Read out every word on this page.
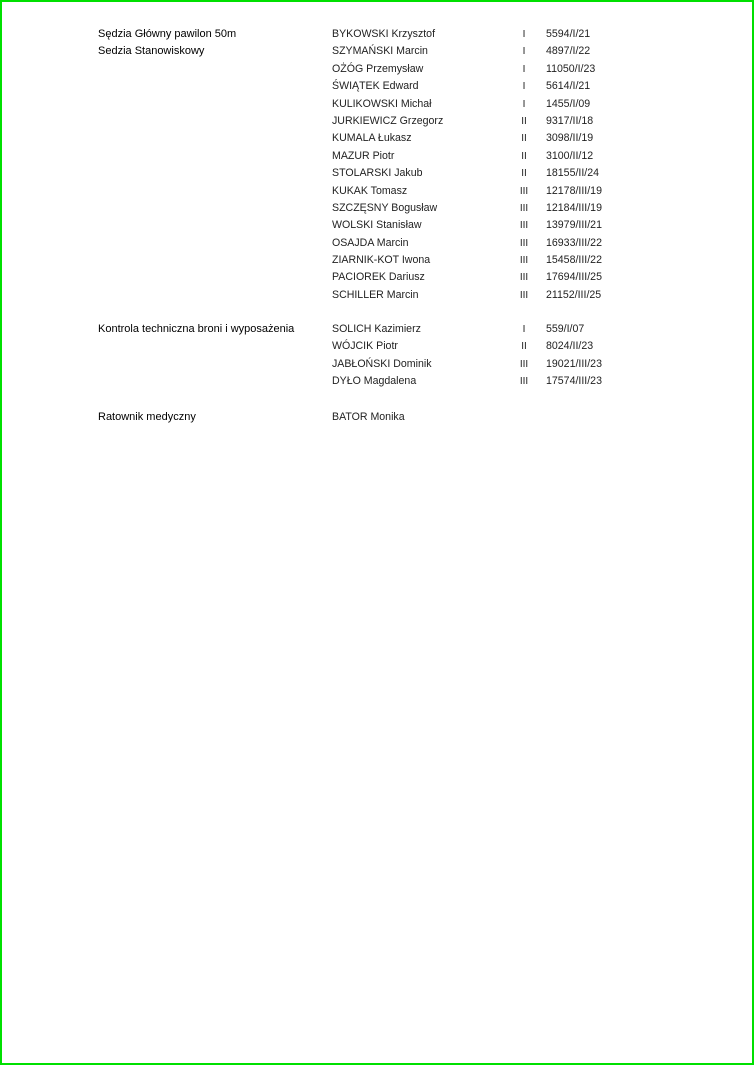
Sędzia Główny pawilon 50m	BYKOWSKI Krzysztof	I	5594/I/21
Sedzia Stanowiskowy	SZYMAŃSKI Marcin	I	4897/I/22
OŻÓG Przemysław	I	11050/I/23
ŚWIĄTEK Edward	I	5614/I/21
KULIKOWSKI Michał	I	1455/I/09
JURKIEWICZ Grzegorz	II	9317/II/18
KUMALA Łukasz	II	3098/II/19
MAZUR Piotr	II	3100/II/12
STOLARSKI Jakub	II	18155/II/24
KUKAK Tomasz	III	12178/III/19
SZCZĘSNY Bogusław	III	12184/III/19
WOLSKI Stanisław	III	13979/III/21
OSAJDA Marcin	III	16933/III/22
ZIARNIK-KOT Iwona	III	15458/III/22
PACIOREK Dariusz	III	17694/III/25
SCHILLER Marcin	III	21152/III/25
Kontrola techniczna broni i wyposażenia	SOLICH Kazimierz	I	559/I/07
WÓJCIK Piotr	II	8024/II/23
JABŁOŃSKI Dominik	III	19021/III/23
DYŁO Magdalena	III	17574/III/23
Ratownik medyczny	BATOR Monika
